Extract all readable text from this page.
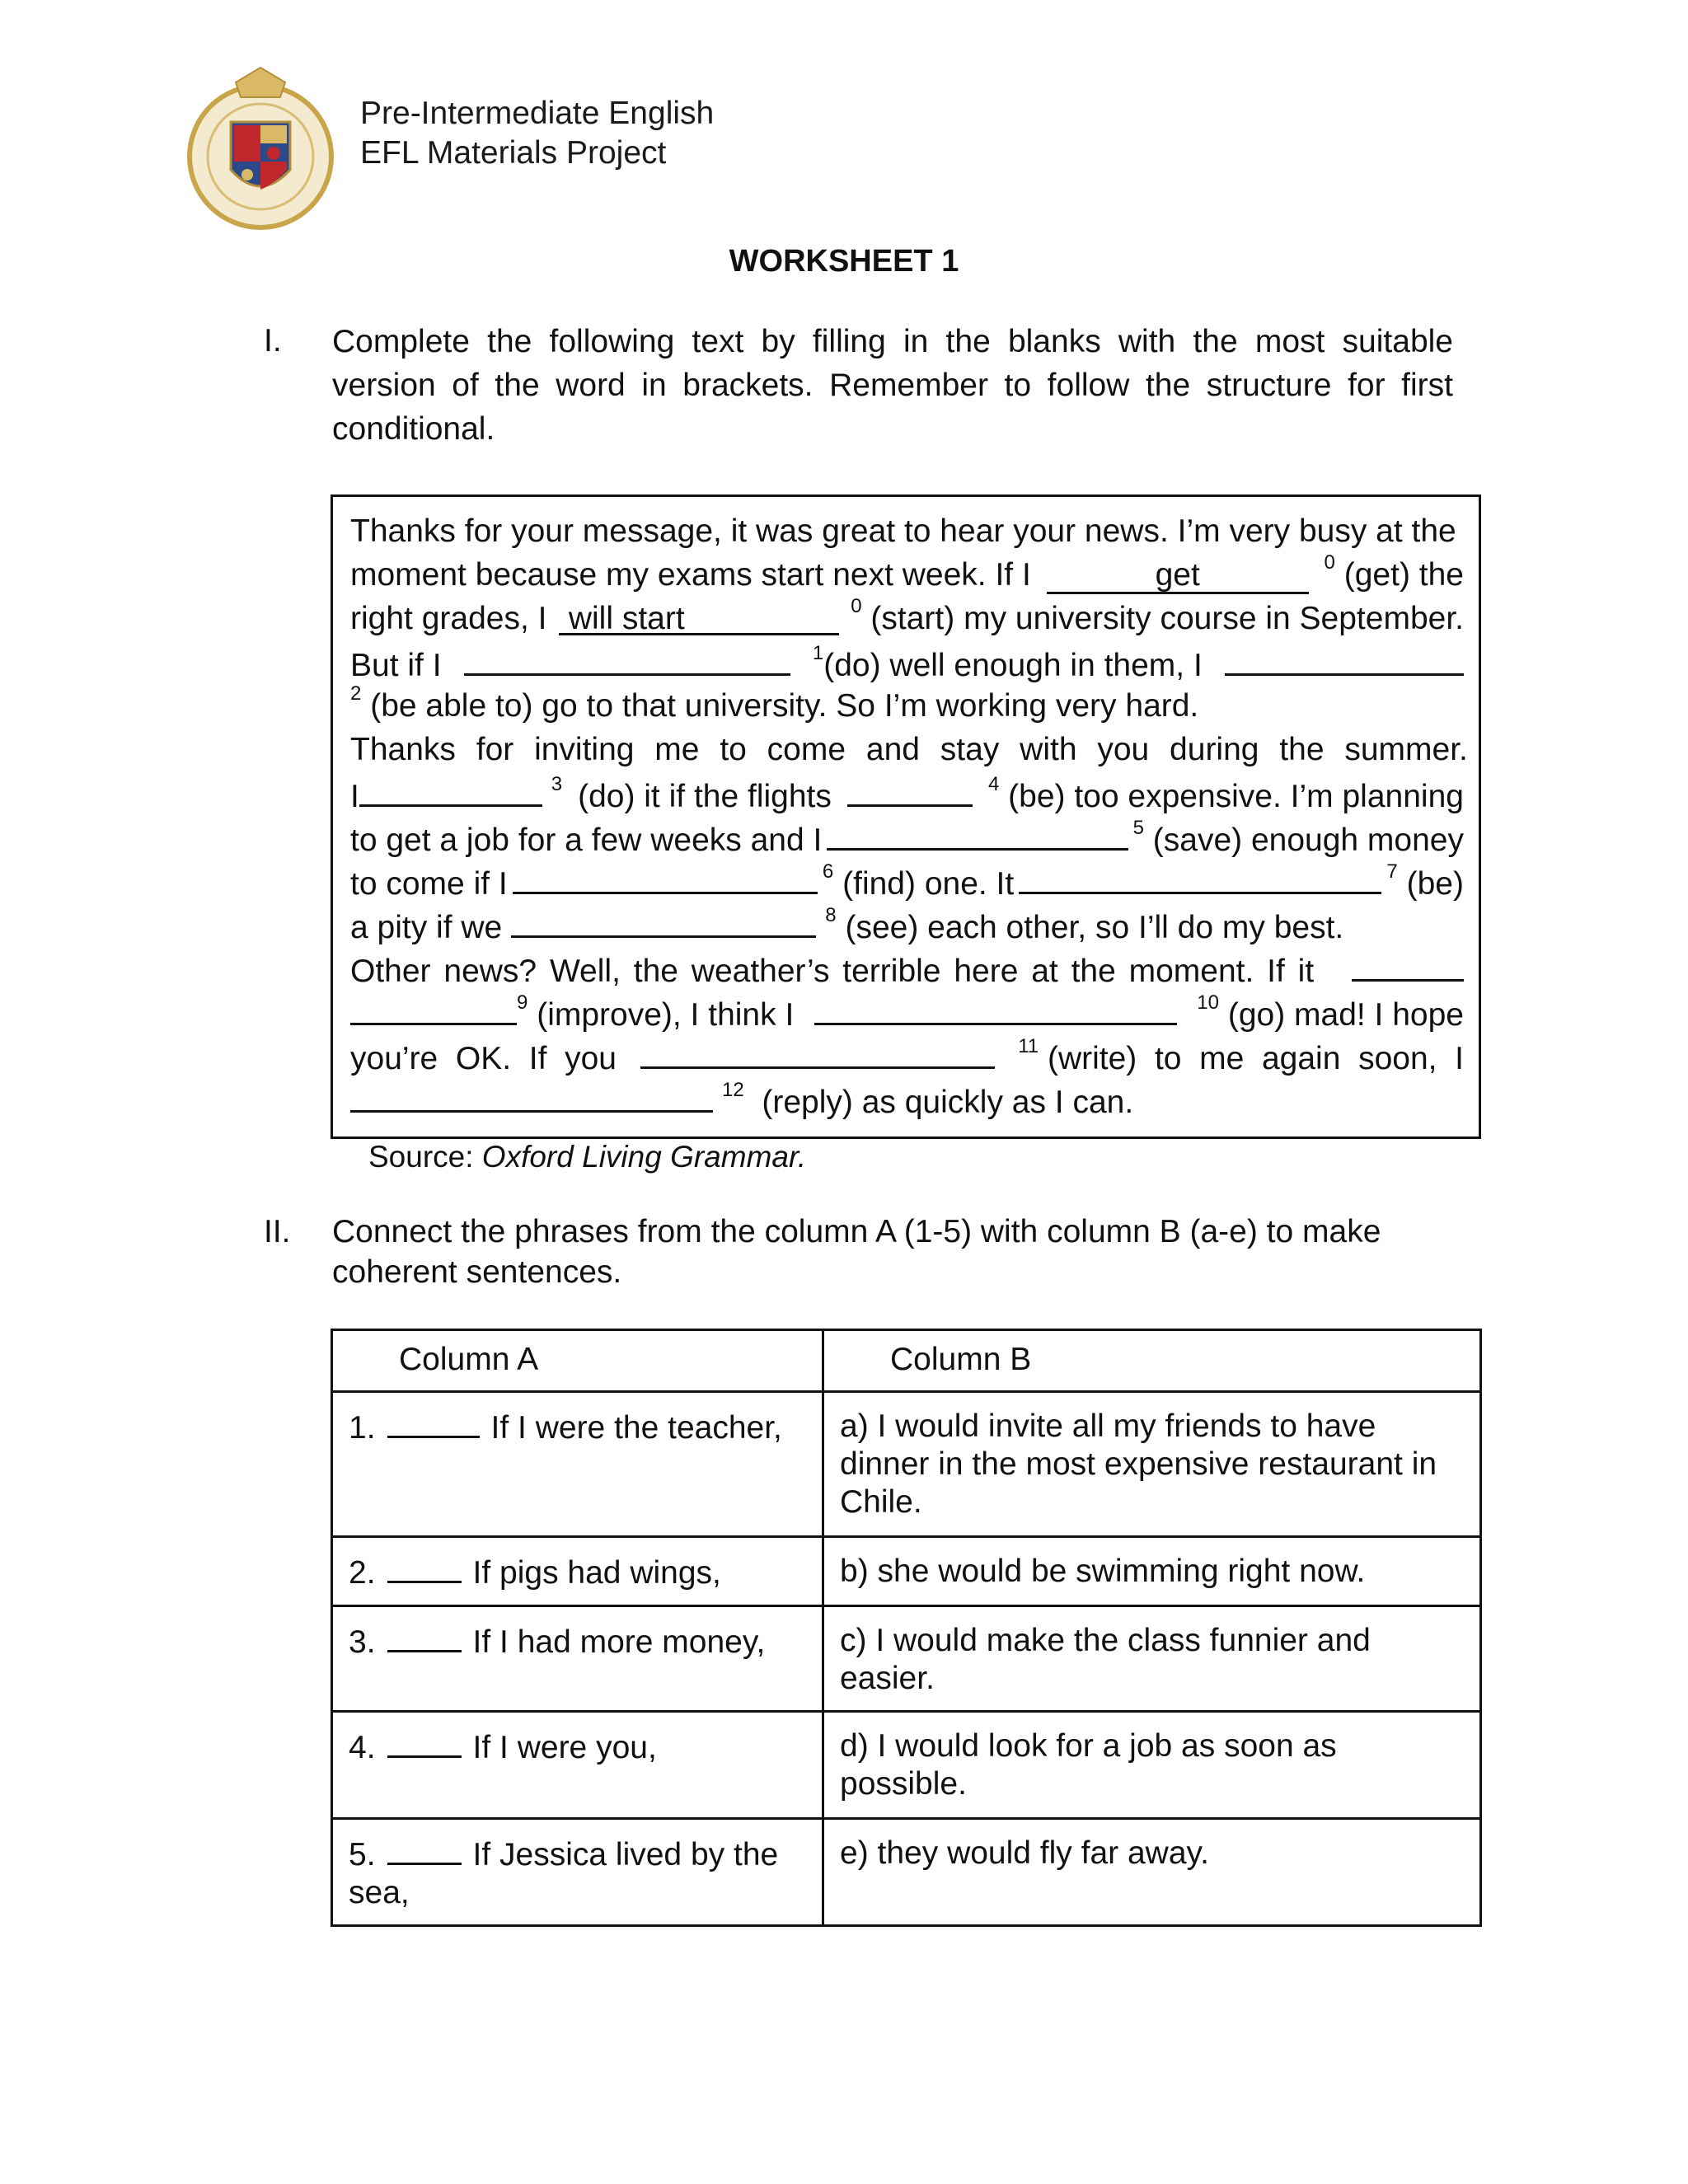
Pre-Intermediate English
EFL Materials Project
WORKSHEET 1
I. Complete the following text by filling in the blanks with the most suitable version of the word in brackets. Remember to follow the structure for first conditional.
Thanks for your message, it was great to hear your news. I’m very busy at the
moment because my exams start next week. If I	get	$^0$ (get) the
right grades, I will start	$^0$ (start) my university course in September.
But if I	$^1$(do) well enough in them, I
$^2$ (be able to) go to that university. So I’m working very hard.
Thanks for inviting me to come and stay with you during the summer.
I	$^3$ (do) it if the flights	$^4$ (be) too expensive. I’m planning
to get a job for a few weeks and I	$^5$ (save) enough money
to come if I	$^6$ (find) one. It	$^7$ (be)
a pity if we	$^8$ (see) each other, so I’ll do my best.
Other news? Well, the weather’s terrible here at the moment. If it
$^9$ (improve), I think I	$^{10}$ (go) mad! I hope
you’re  OK.  If  you	$^{11}$ (write)  to  me  again  soon,  I
$^{12}$ (reply) as quickly as I can.
Source: Oxford Living Grammar.
II. Connect the phrases from the column A (1-5) with column B (a-e) to make coherent sentences.
Column A	Column B
1. If I were the teacher,	a) I would invite all my friends to have dinner in the most expensive restaurant in Chile.
2. If pigs had wings,	b) she would be swimming right now.
3. If I had more money,	c) I would make the class funnier and easier.
4. If I were you,	d) I would look for a job as soon as possible.
5. If Jessica lived by the sea,	e) they would fly far away.
